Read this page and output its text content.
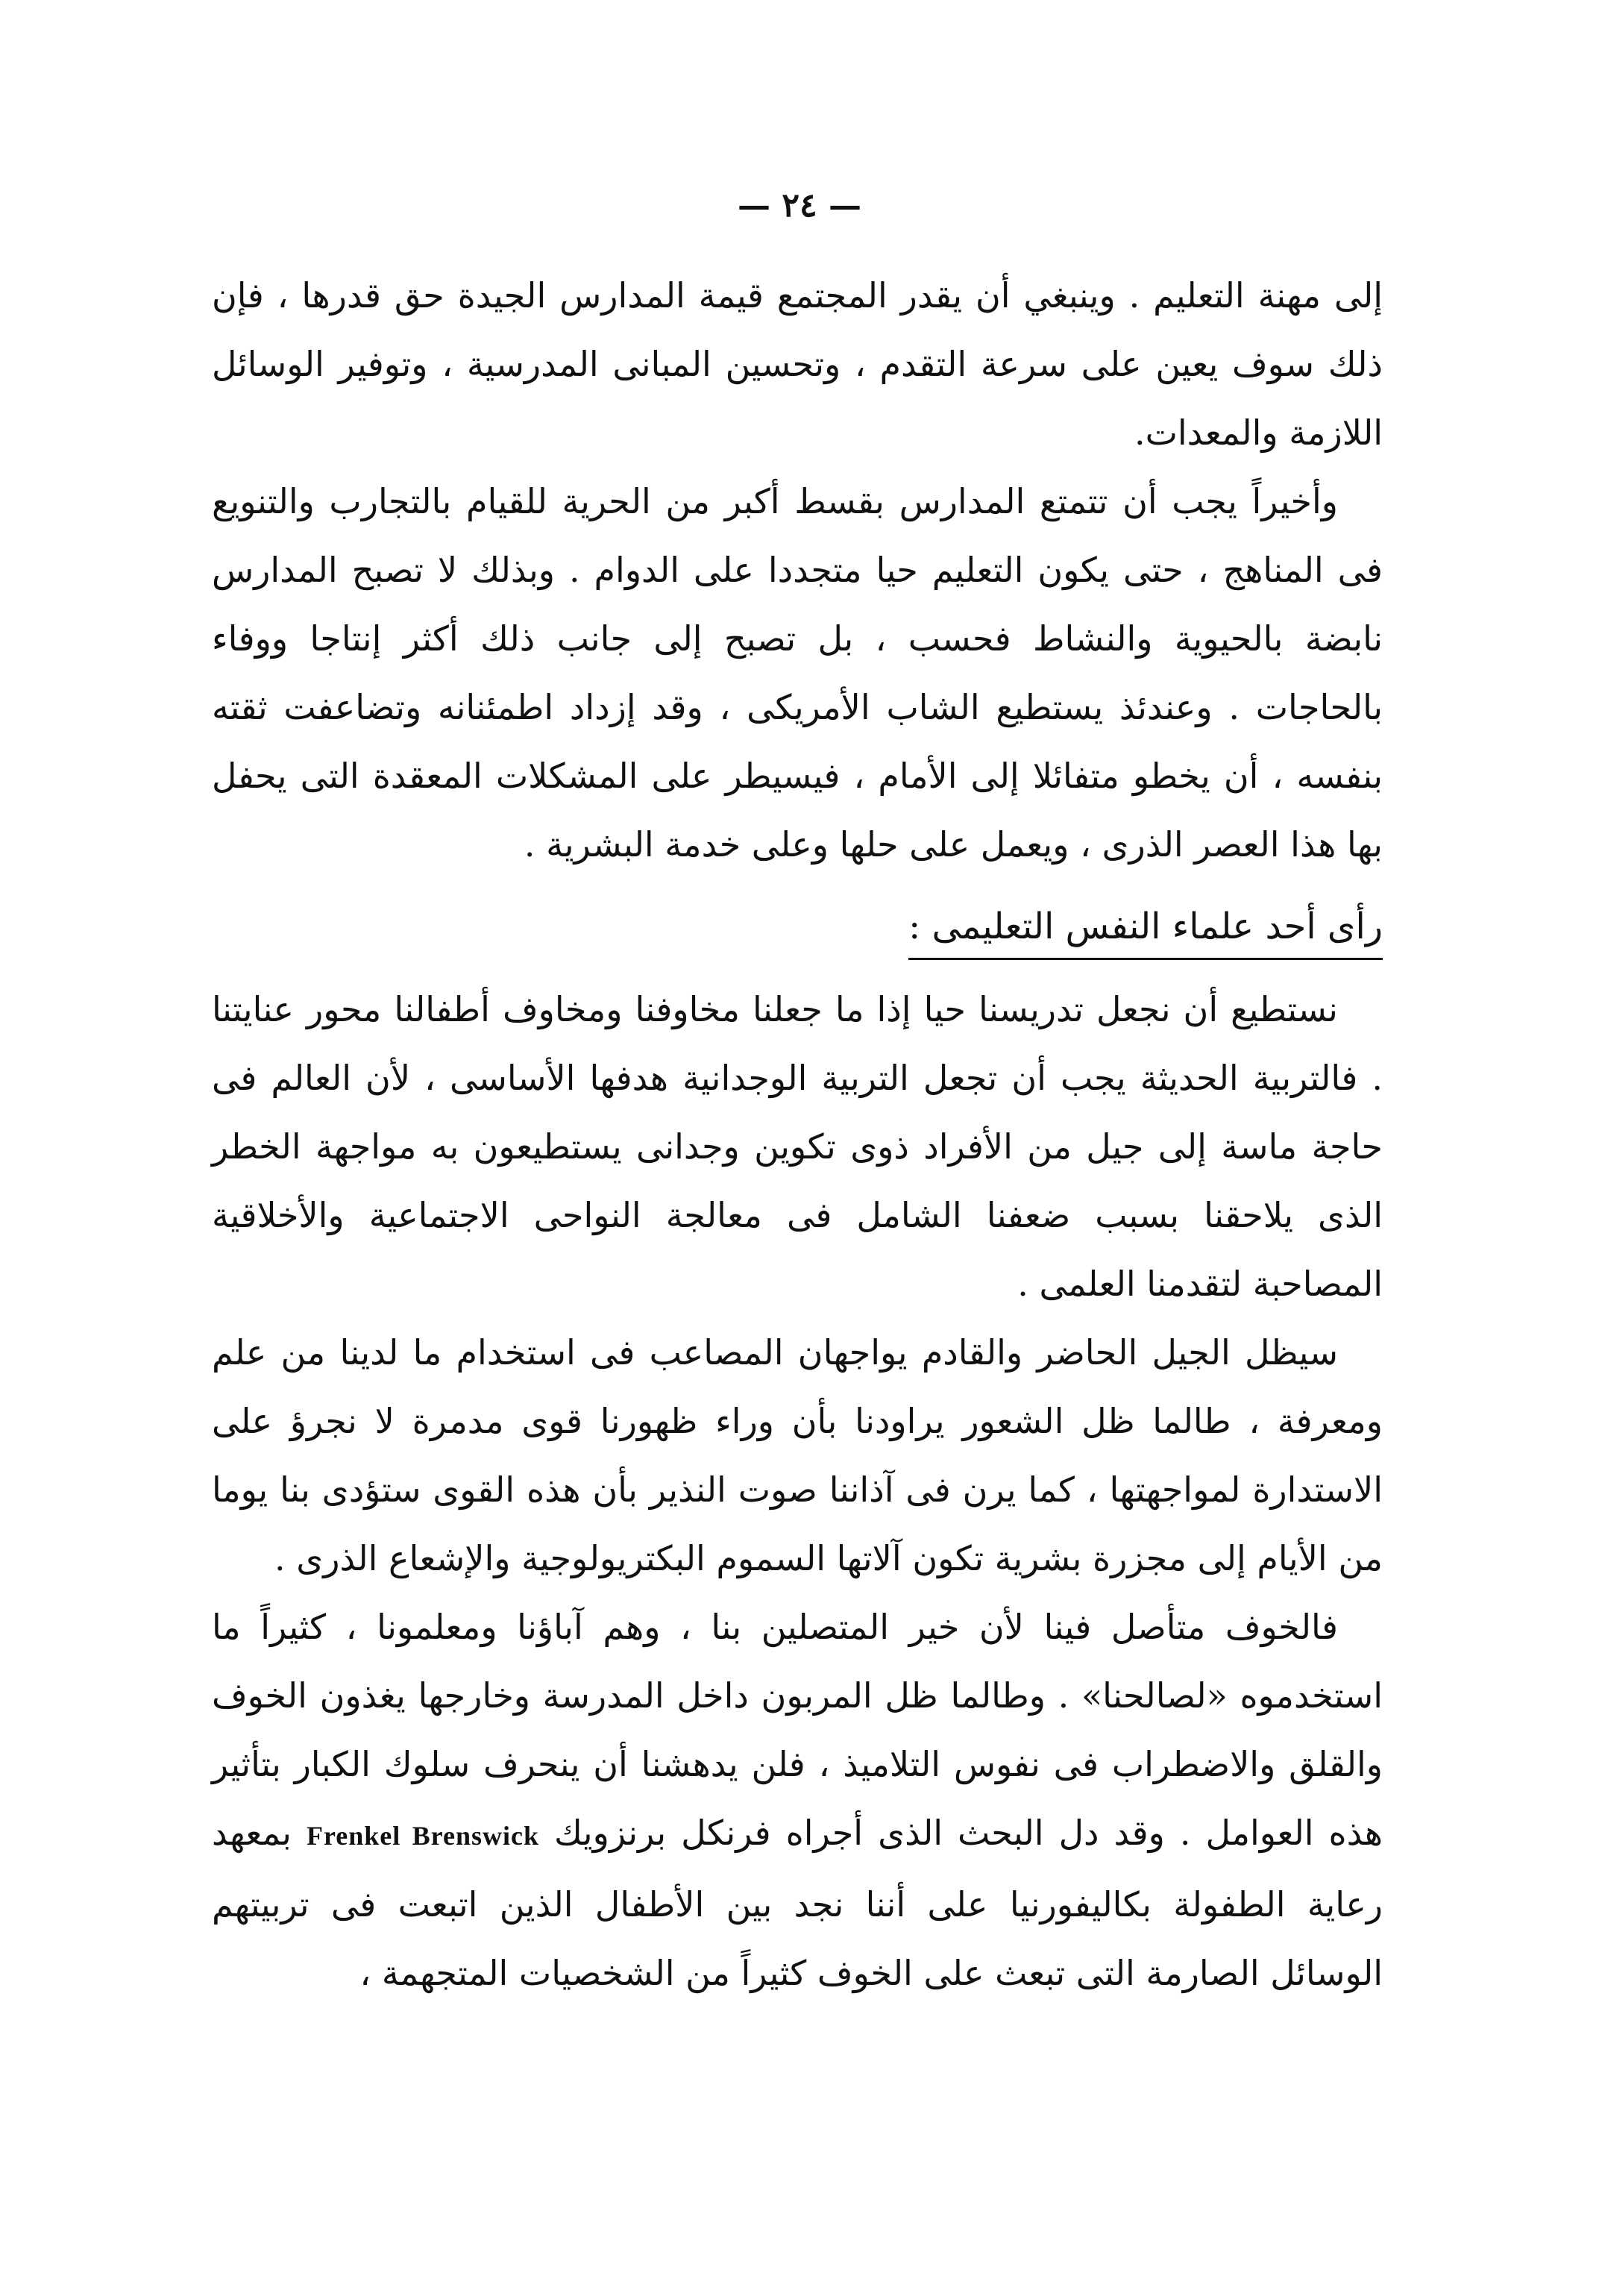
— ٢٤ —

إلى مهنة التعليم . وينبغي أن يقدر المجتمع قيمة المدارس الجيدة حق قدرها ، فإن ذلك سوف يعين على سرعة التقدم ، وتحسين المبانى المدرسية ، وتوفير الوسائل اللازمة والمعدات.

وأخيراً يجب أن تتمتع المدارس بقسط أكبر من الحرية للقيام بالتجارب والتنويع فى المناهج ، حتى يكون التعليم حيا متجددا على الدوام . وبذلك لا تصبح المدارس نابضة بالحيوية والنشاط فحسب ، بل تصبح إلى جانب ذلك أكثر إنتاجا ووفاء بالحاجات . وعندئذ يستطيع الشاب الأمريكى ، وقد إزداد اطمئنانه وتضاعفت ثقته بنفسه ، أن يخطو متفائلا إلى الأمام ، فيسيطر على المشكلات المعقدة التى يحفل بها هذا العصر الذرى ، ويعمل على حلها وعلى خدمة البشرية .

رأى أحد علماء النفس التعليمى :

نستطيع أن نجعل تدريسنا حيا إذا ما جعلنا مخاوفنا ومخاوف أطفالنا محور عنايتنا . فالتربية الحديثة يجب أن تجعل التربية الوجدانية هدفها الأساسى ، لأن العالم فى حاجة ماسة إلى جيل من الأفراد ذوى تكوين وجدانى يستطيعون به مواجهة الخطر الذى يلاحقنا بسبب ضعفنا الشامل فى معالجة النواحى الاجتماعية والأخلاقية المصاحبة لتقدمنا العلمى .

سيظل الجيل الحاضر والقادم يواجهان المصاعب فى استخدام ما لدينا من علم ومعرفة ، طالما ظل الشعور يراودنا بأن وراء ظهورنا قوى مدمرة لا نجرؤ على الاستدارة لمواجهتها ، كما يرن فى آذاننا صوت النذير بأن هذه القوى ستؤدى بنا يوما من الأيام إلى مجزرة بشرية تكون آلاتها السموم البكتريولوجية والإشعاع الذرى .

فالخوف متأصل فينا لأن خير المتصلين بنا ، وهم آباؤنا ومعلمونا ، كثيراً ما استخدموه «لصالحنا» . وطالما ظل المربون داخل المدرسة وخارجها يغذون الخوف والقلق والاضطراب فى نفوس التلاميذ ، فلن يدهشنا أن ينحرف سلوك الكبار بتأثير هذه العوامل . وقد دل البحث الذى أجراه فرنكل برنزويك Frenkel Brenswick بمعهد رعاية الطفولة بكاليفورنيا على أننا نجد بين الأطفال الذين اتبعت فى تربيتهم الوسائل الصارمة التى تبعث على الخوف كثيراً من الشخصيات المتجهمة ،
